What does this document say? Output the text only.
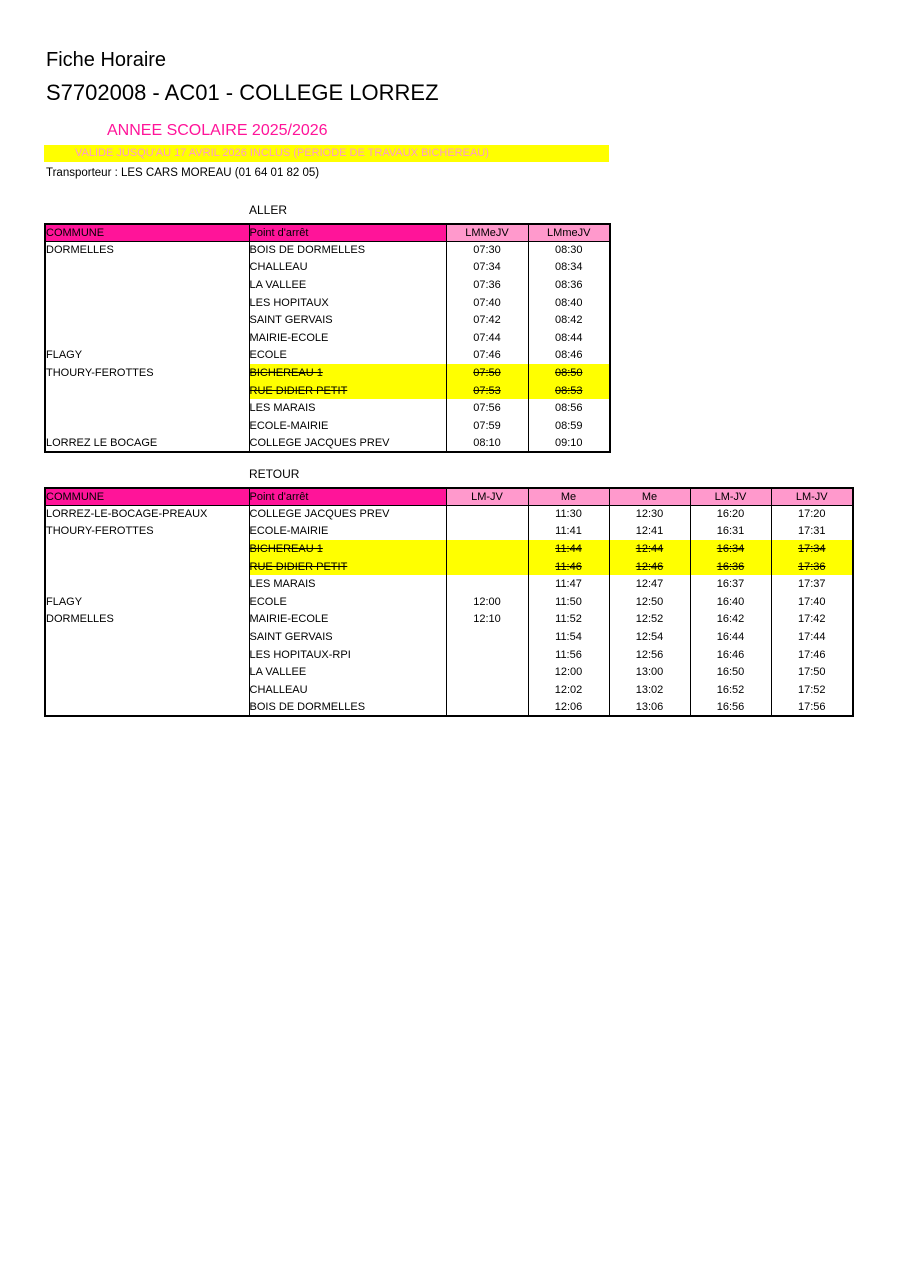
Fiche Horaire
S7702008 - AC01 - COLLEGE LORREZ
ANNEE SCOLAIRE 2025/2026
VALIDE JUSQU'AU 17 AVRIL 2026 INCLUS (PERIODE DE TRAVAUX BICHEREAU)
Transporteur : LES CARS MOREAU (01 64 01 82 05)
ALLER
COMMUNE	Point d'arrêt	LMMeJV	LMmeJV
DORMELLES	BOIS DE DORMELLES	07:30	08:30
	CHALLEAU	07:34	08:34
	LA VALLEE	07:36	08:36
	LES HOPITAUX	07:40	08:40
	SAINT GERVAIS	07:42	08:42
	MAIRIE-ECOLE	07:44	08:44
FLAGY	ECOLE	07:46	08:46
THOURY-FEROTTES	BICHEREAU 1	07:50	08:50
	RUE DIDIER PETIT	07:53	08:53
	LES MARAIS	07:56	08:56
	ECOLE-MAIRIE	07:59	08:59
LORREZ LE BOCAGE	COLLEGE JACQUES PREV	08:10	09:10
RETOUR
COMMUNE	Point d'arrêt	LM-JV	Me	Me	LM-JV	LM-JV
LORREZ-LE-BOCAGE-PREAUX	COLLEGE JACQUES PREV		11:30	12:30	16:20	17:20
THOURY-FEROTTES	ECOLE-MAIRIE		11:41	12:41	16:31	17:31
	BICHEREAU 1		11:44	12:44	16:34	17:34
	RUE DIDIER PETIT		11:46	12:46	16:36	17:36
	LES MARAIS		11:47	12:47	16:37	17:37
FLAGY	ECOLE	12:00	11:50	12:50	16:40	17:40
DORMELLES	MAIRIE-ECOLE	12:10	11:52	12:52	16:42	17:42
	SAINT GERVAIS		11:54	12:54	16:44	17:44
	LES HOPITAUX-RPI		11:56	12:56	16:46	17:46
	LA VALLEE		12:00	13:00	16:50	17:50
	CHALLEAU		12:02	13:02	16:52	17:52
	BOIS DE DORMELLES		12:06	13:06	16:56	17:56
